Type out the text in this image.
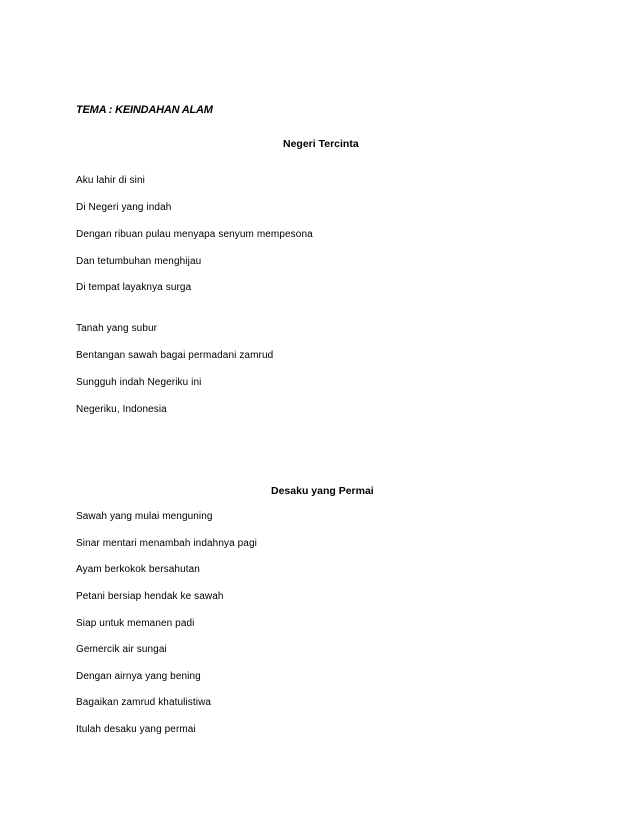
TEMA : KEINDAHAN ALAM

Negeri Tercinta

Aku lahir di sini

Di Negeri yang indah

Dengan ribuan pulau menyapa senyum mempesona

Dan tetumbuhan menghijau

Di tempat layaknya surga

Tanah yang subur

Bentangan sawah bagai permadani zamrud

Sungguh indah Negeriku ini

Negeriku, Indonesia

Desaku yang Permai

Sawah yang mulai menguning

Sinar mentari menambah indahnya pagi

Ayam berkokok bersahutan

Petani bersiap hendak ke sawah

Siap untuk memanen padi

Gemercik air sungai

Dengan airnya yang bening

Bagaikan zamrud khatulistiwa

Itulah desaku yang permai
